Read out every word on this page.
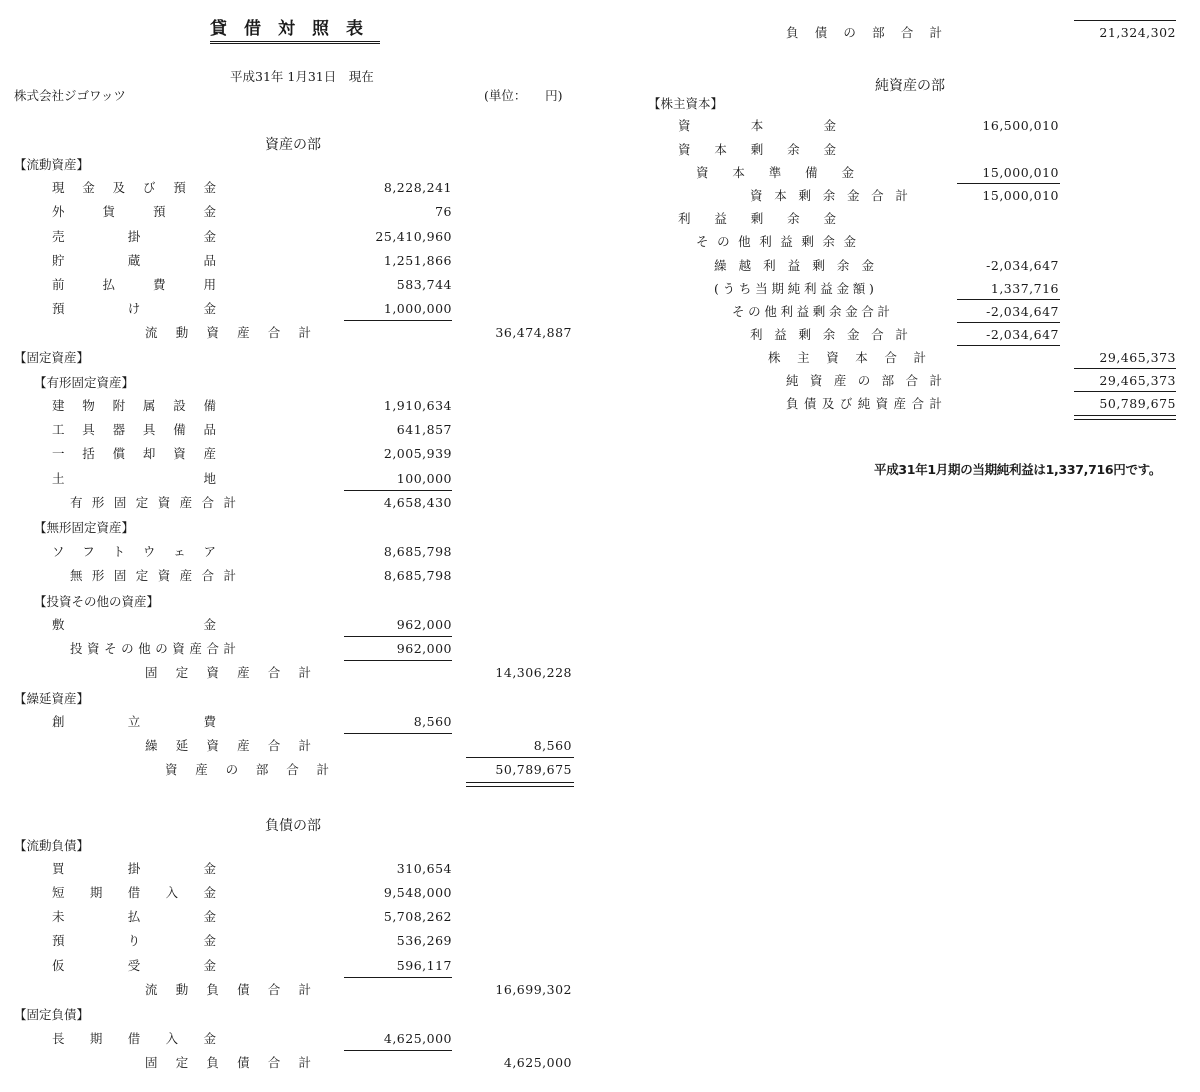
貸借対照表
平成31年 1月31日　現在
株式会社ジゴワッツ	(単位：　　円)
資産の部
【流動資産】
現 金 及 び 預 金	8,228,241
外	貨	預	金	76
売	掛	金	25,410,960
貯	蔵	品	1,251,866
前	払	費	用	583,744
預	け	金	1,000,000
流 動 資 産 合 計	36,474,887
【固定資産】
【有形固定資産】
建 物 附 属 設 備	1,910,634
工 具 器 具 備 品	641,857
一 括 償 却 資 産	2,005,939
土	地	100,000
有 形 固 定 資 産 合 計	4,658,430
【無形固定資産】
ソ フ ト ウ ェ ア	8,685,798
無 形 固 定 資 産 合 計	8,685,798
【投資その他の資産】
敷	金	962,000
投 資 そ の 他 の 資 産 合 計	962,000
固 定 資 産 合 計	14,306,228
【繰延資産】
創	立	費	8,560
繰 延 資 産 合 計	8,560
資 産 の 部 合 計	50,789,675
負債の部
【流動負債】
買	掛	金	310,654
短 期 借 入 金	9,548,000
未	払	金	5,708,262
預	り	金	536,269
仮	受	金	596,117
流 動 負 債 合 計	16,699,302
【固定負債】
長 期 借 入 金	4,625,000
固 定 負 債 合 計	4,625,000
負 債 の 部 合 計	21,324,302
純資産の部
【株主資本】
資	本	金	16,500,010
資 本 剰 余 金
資 本 準 備 金	15,000,010
資 本 剰 余 金 合 計	15,000,010
利 益 剰 余 金
そ の 他 利 益 剰 余 金
繰 越 利 益 剰 余 金	-2,034,647
( う ち 当 期 純 利 益 金 額 )	1,337,716
そ の 他 利 益 剰 余 金 合 計	-2,034,647
利 益 剰 余 金 合 計	-2,034,647
株 主 資 本 合 計	29,465,373
純 資 産 の 部 合 計	29,465,373
負 債 及 び 純 資 産 合 計	50,789,675
平成31年1月期の当期純利益は1,337,716円です。
